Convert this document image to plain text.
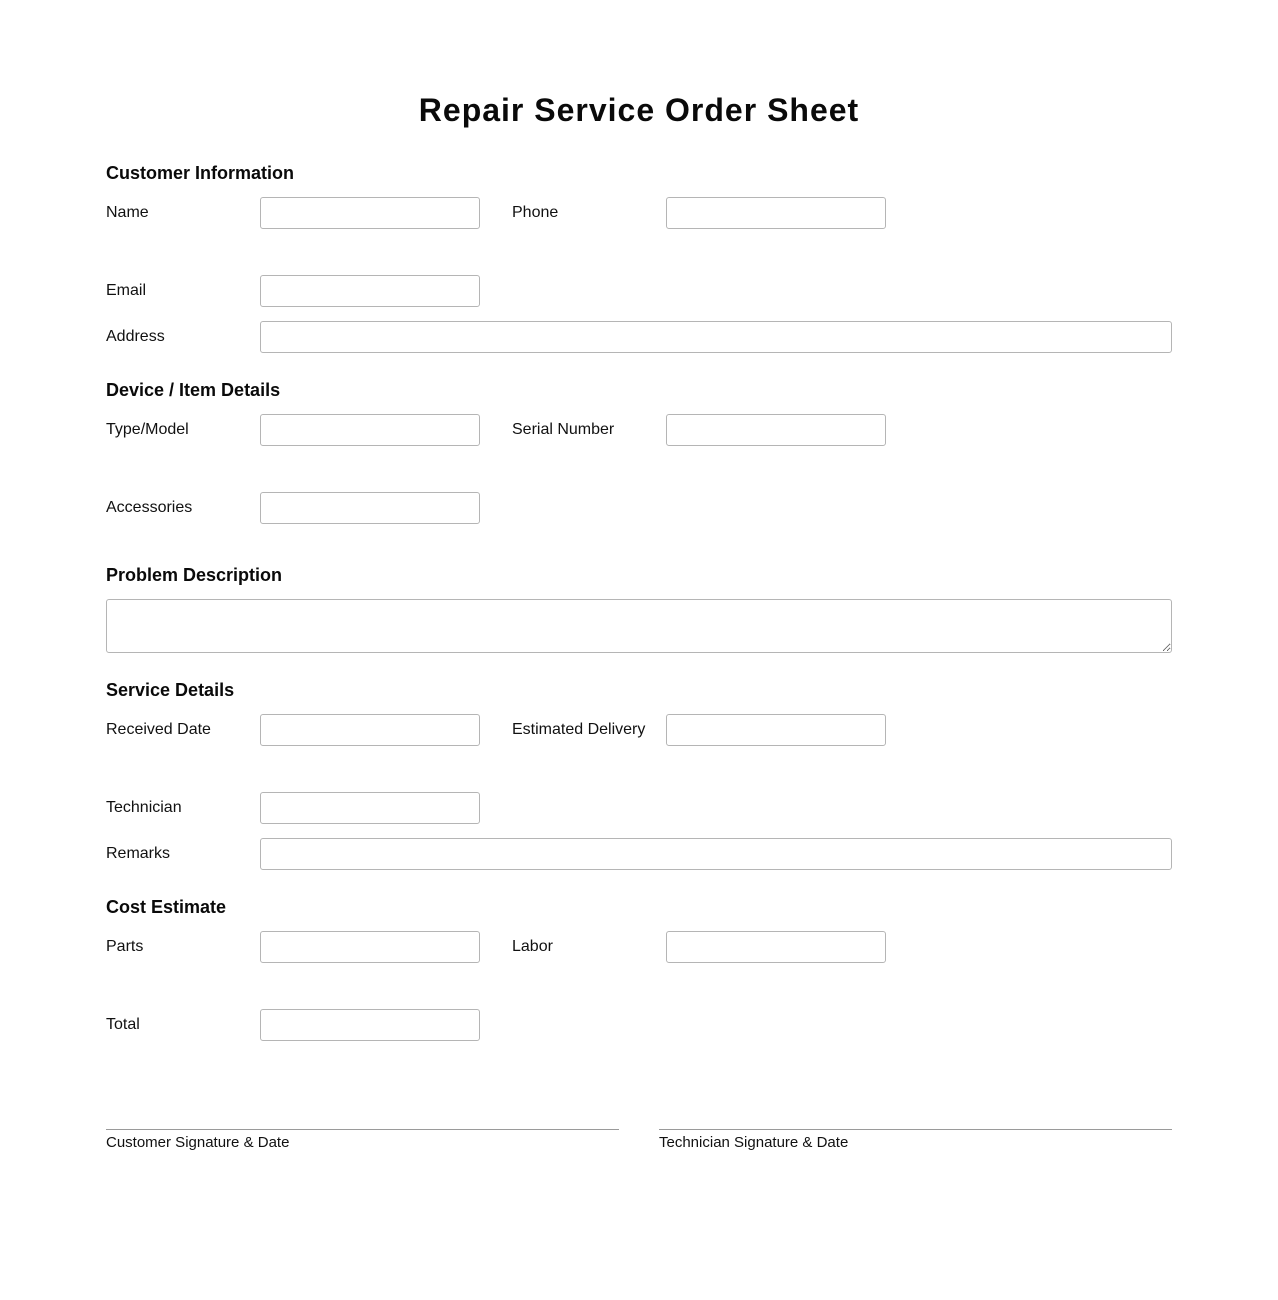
Repair Service Order Sheet
Customer Information
Name	Phone
Email
Address
Device / Item Details
Type/Model	Serial Number
Accessories
Problem Description
Service Details
Received Date	Estimated Delivery
Technician
Remarks
Cost Estimate
Parts	Labor
Total
Customer Signature & Date	Technician Signature & Date
